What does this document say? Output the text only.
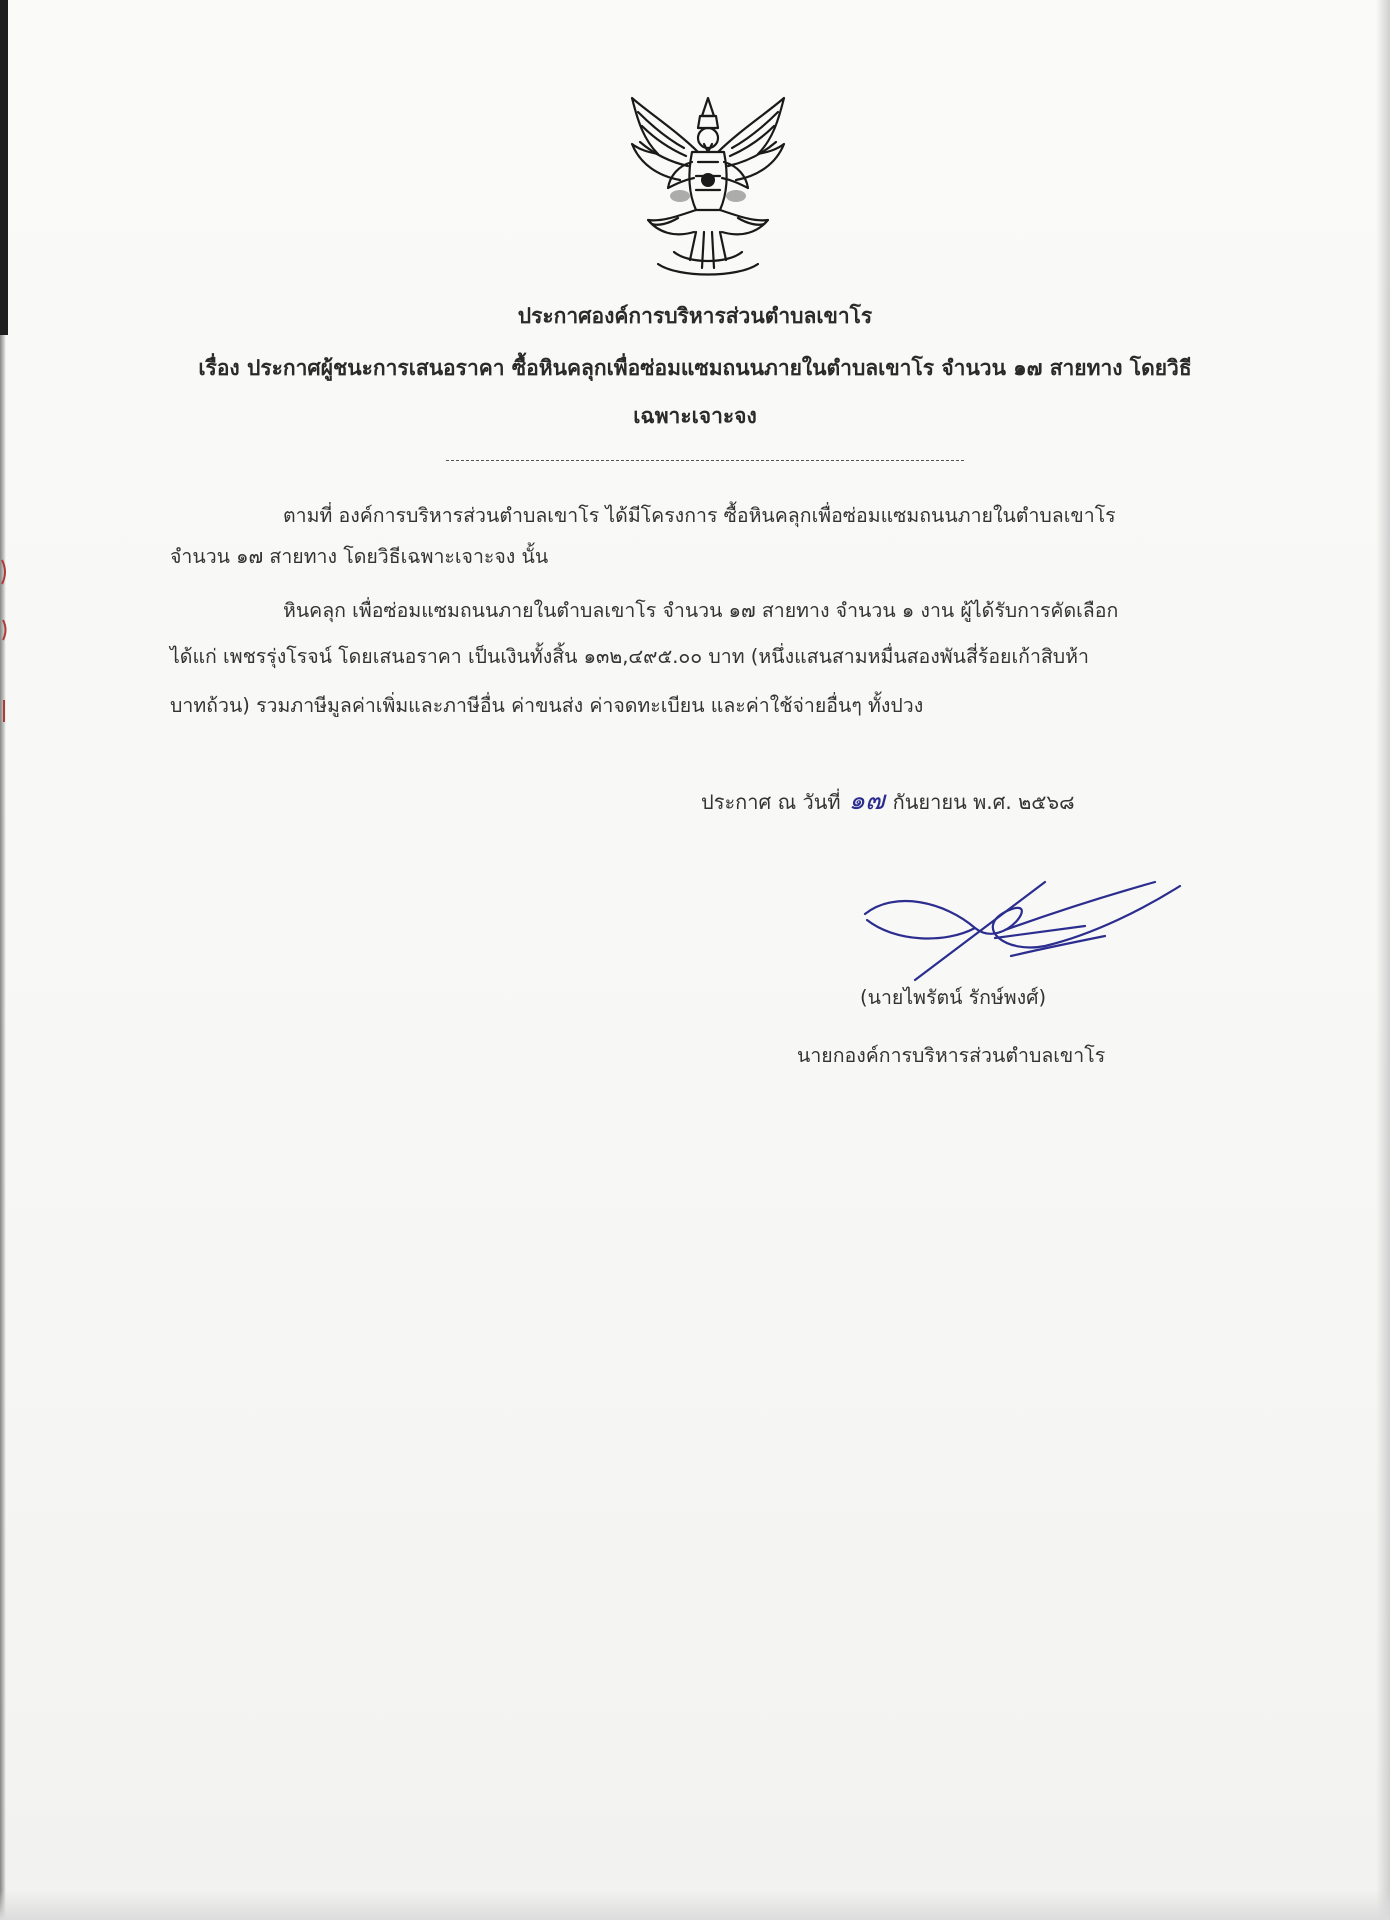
ประกาศองค์การบริหารส่วนตำบลเขาโร
เรื่อง ประกาศผู้ชนะการเสนอราคา ซื้อหินคลุกเพื่อซ่อมแซมถนนภายในตำบลเขาโร จำนวน ๑๗ สายทาง โดยวิธี
เฉพาะเจาะจง
ตามที่ องค์การบริหารส่วนตำบลเขาโร ได้มีโครงการ ซื้อหินคลุกเพื่อซ่อมแซมถนนภายในตำบลเขาโร
จำนวน ๑๗ สายทาง โดยวิธีเฉพาะเจาะจง นั้น
หินคลุก เพื่อซ่อมแซมถนนภายในตำบลเขาโร จำนวน ๑๗ สายทาง จำนวน ๑ งาน ผู้ได้รับการคัดเลือก
ได้แก่ เพชรรุ่งโรจน์ โดยเสนอราคา เป็นเงินทั้งสิ้น ๑๓๒,๔๙๕.๐๐ บาท (หนึ่งแสนสามหมื่นสองพันสี่ร้อยเก้าสิบห้า
บาทถ้วน) รวมภาษีมูลค่าเพิ่มและภาษีอื่น ค่าขนส่ง ค่าจดทะเบียน และค่าใช้จ่ายอื่นๆ ทั้งปวง
ประกาศ ณ วันที่ ๑๗ กันยายน พ.ศ. ๒๕๖๘
(นายไพรัตน์ รักษ์พงศ์)
นายกองค์การบริหารส่วนตำบลเขาโร
